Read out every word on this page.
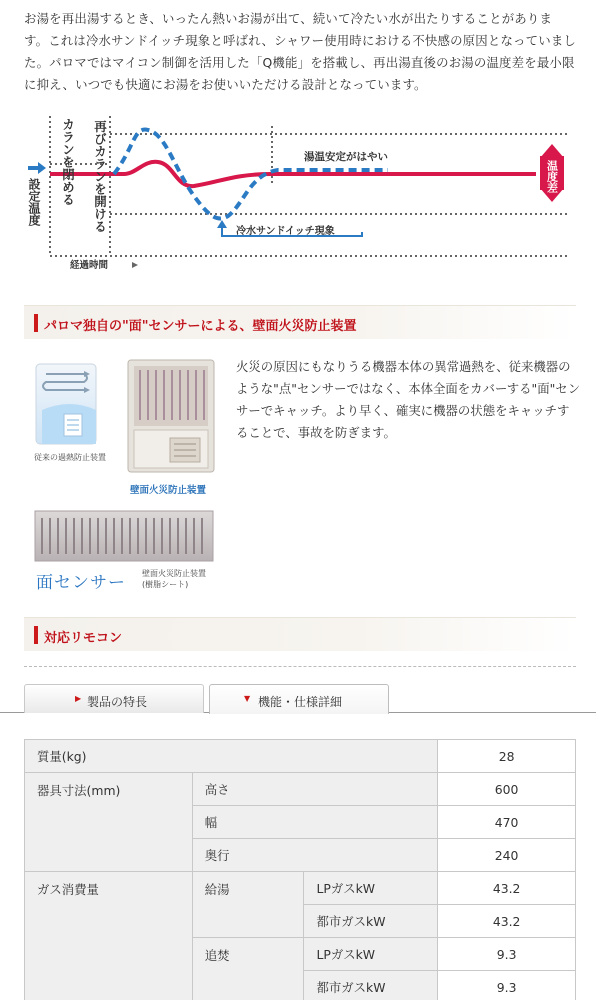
お湯を再出湯するとき、いったん熱いお湯が出て、続いて冷たい水が出たりすることがあります。これは冷水サンドイッチ現象と呼ばれ、シャワー使用時における不快感の原因となっていました。パロマではマイコン制御を活用した「Q機能」を搭載し、再出湯直後のお湯の温度差を最小限に抑え、いつでも快適にお湯をお使いいただける設計となっています。

設定温度 カランを閉める 再びカランを開ける	温度差
湯温安定がはやい
冷水サンドイッチ現象
経過時間
パロマ独自の"面"センサーによる、壁面火災防止装置
従来の過熱防止装置
壁面火災防止装置
面センサー 壁面火災防止装置
(樹脂シート)

火災の原因にもなりうる機器本体の異常過熱を、従来機器のような"点"センサーではなく、本体全面をカバーする"面"センサーでキャッチ。より早く、確実に機器の状態をキャッチすることで、事故を防ぎます。

対応リモコン
▶ 製品の特長	▼ 機能・仕様詳細
質量(kg)			28
器具寸法(mm)	高さ		600
	幅		470
	奥行		240
ガス消費量	給湯	LPガスkW	43.2
		都市ガスkW	43.2
	追焚	LPガスkW	9.3
		都市ガスkW	9.3
